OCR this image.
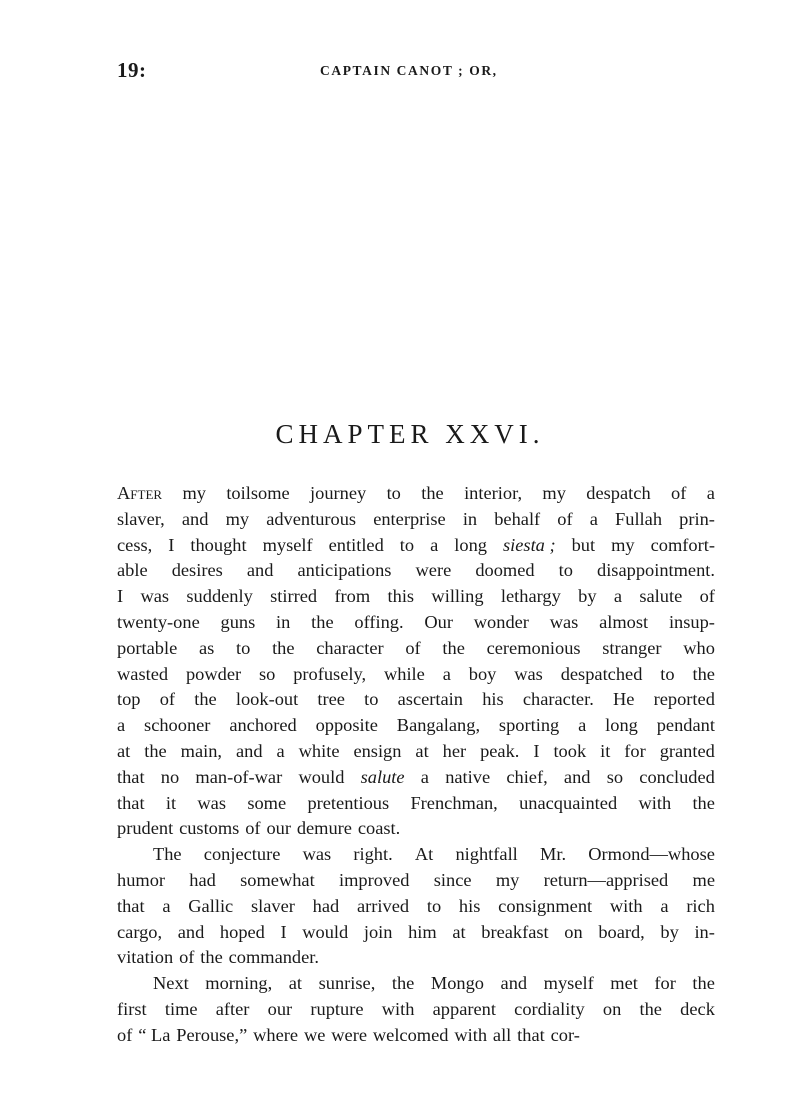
19:	CAPTAIN CANOT ; OR,
CHAPTER XXVI.
After my toilsome journey to the interior, my despatch of a
slaver, and my adventurous enterprise in behalf of a Fullah prin-
cess, I thought myself entitled to a long siesta ; but my comfort-
able desires and anticipations were doomed to disappointment.
I was suddenly stirred from this willing lethargy by a salute of
twenty-one guns in the offing. Our wonder was almost insup-
portable as to the character of the ceremonious stranger who
wasted powder so profusely, while a boy was despatched to the
top of the look-out tree to ascertain his character. He reported
a schooner anchored opposite Bangalang, sporting a long pendant
at the main, and a white ensign at her peak. I took it for granted
that no man-of-war would salute a native chief, and so concluded
that it was some pretentious Frenchman, unacquainted with the
prudent customs of our demure coast.
The conjecture was right. At nightfall Mr. Ormond—whose
humor had somewhat improved since my return—apprised me
that a Gallic slaver had arrived to his consignment with a rich
cargo, and hoped I would join him at breakfast on board, by in-
vitation of the commander.
Next morning, at sunrise, the Mongo and myself met for the
first time after our rupture with apparent cordiality on the deck
of “ La Perouse,” where we were welcomed with all that cor-
